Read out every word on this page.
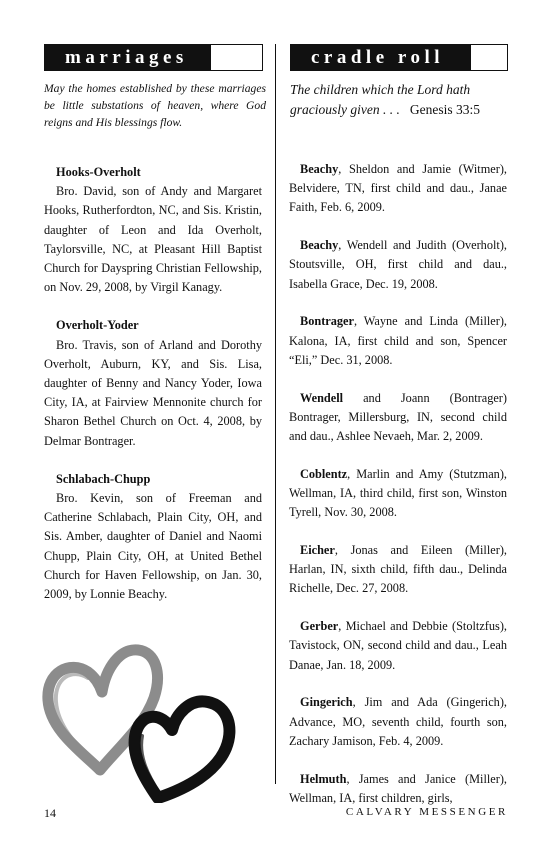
marriages	cradle roll
May the homes established by these marriages be little substations of heaven, where God reigns and His blessings flow.
The children which the Lord hath graciously given . . . Genesis 33:5
Hooks-Overholt
Bro. David, son of Andy and Margaret Hooks, Rutherfordton, NC, and Sis. Kristin, daughter of Leon and Ida Overholt, Taylorsville, NC, at Pleasant Hill Baptist Church for Dayspring Christian Fellowship, on Nov. 29, 2008, by Virgil Kanagy.
Overholt-Yoder
Bro. Travis, son of Arland and Dorothy Overholt, Auburn, KY, and Sis. Lisa, daughter of Benny and Nancy Yoder, Iowa City, IA, at Fairview Mennonite church for Sharon Bethel Church on Oct. 4, 2008, by Delmar Bontrager.
Schlabach-Chupp
Bro. Kevin, son of Freeman and Catherine Schlabach, Plain City, OH, and Sis. Amber, daughter of Daniel and Naomi Chupp, Plain City, OH, at United Bethel Church for Haven Fellowship, on Jan. 30, 2009, by Lonnie Beachy.
Beachy, Sheldon and Jamie (Witmer), Belvidere, TN, first child and dau., Janae Faith, Feb. 6, 2009.
Beachy, Wendell and Judith (Overholt), Stoutsville, OH, first child and dau., Isabella Grace, Dec. 19, 2008.
Bontrager, Wayne and Linda (Miller), Kalona, IA, first child and son, Spencer “Eli,” Dec. 31, 2008.
Wendell and Joann (Bontrager) Bontrager, Millersburg, IN, second child and dau., Ashlee Nevaeh, Mar. 2, 2009.
Coblentz, Marlin and Amy (Stutzman), Wellman, IA, third child, first son, Winston Tyrell, Nov. 30, 2008.
Eicher, Jonas and Eileen (Miller), Harlan, IN, sixth child, fifth dau., Delinda Richelle, Dec. 27, 2008.
Gerber, Michael and Debbie (Stoltzfus), Tavistock, ON, second child and dau., Leah Danae, Jan. 18, 2009.
Gingerich, Jim and Ada (Gingerich), Advance, MO, seventh child, fourth son, Zachary Jamison, Feb. 4, 2009.
Helmuth, James and Janice (Miller), Wellman, IA, first children, girls,
14	CALVARY MESSENGER
